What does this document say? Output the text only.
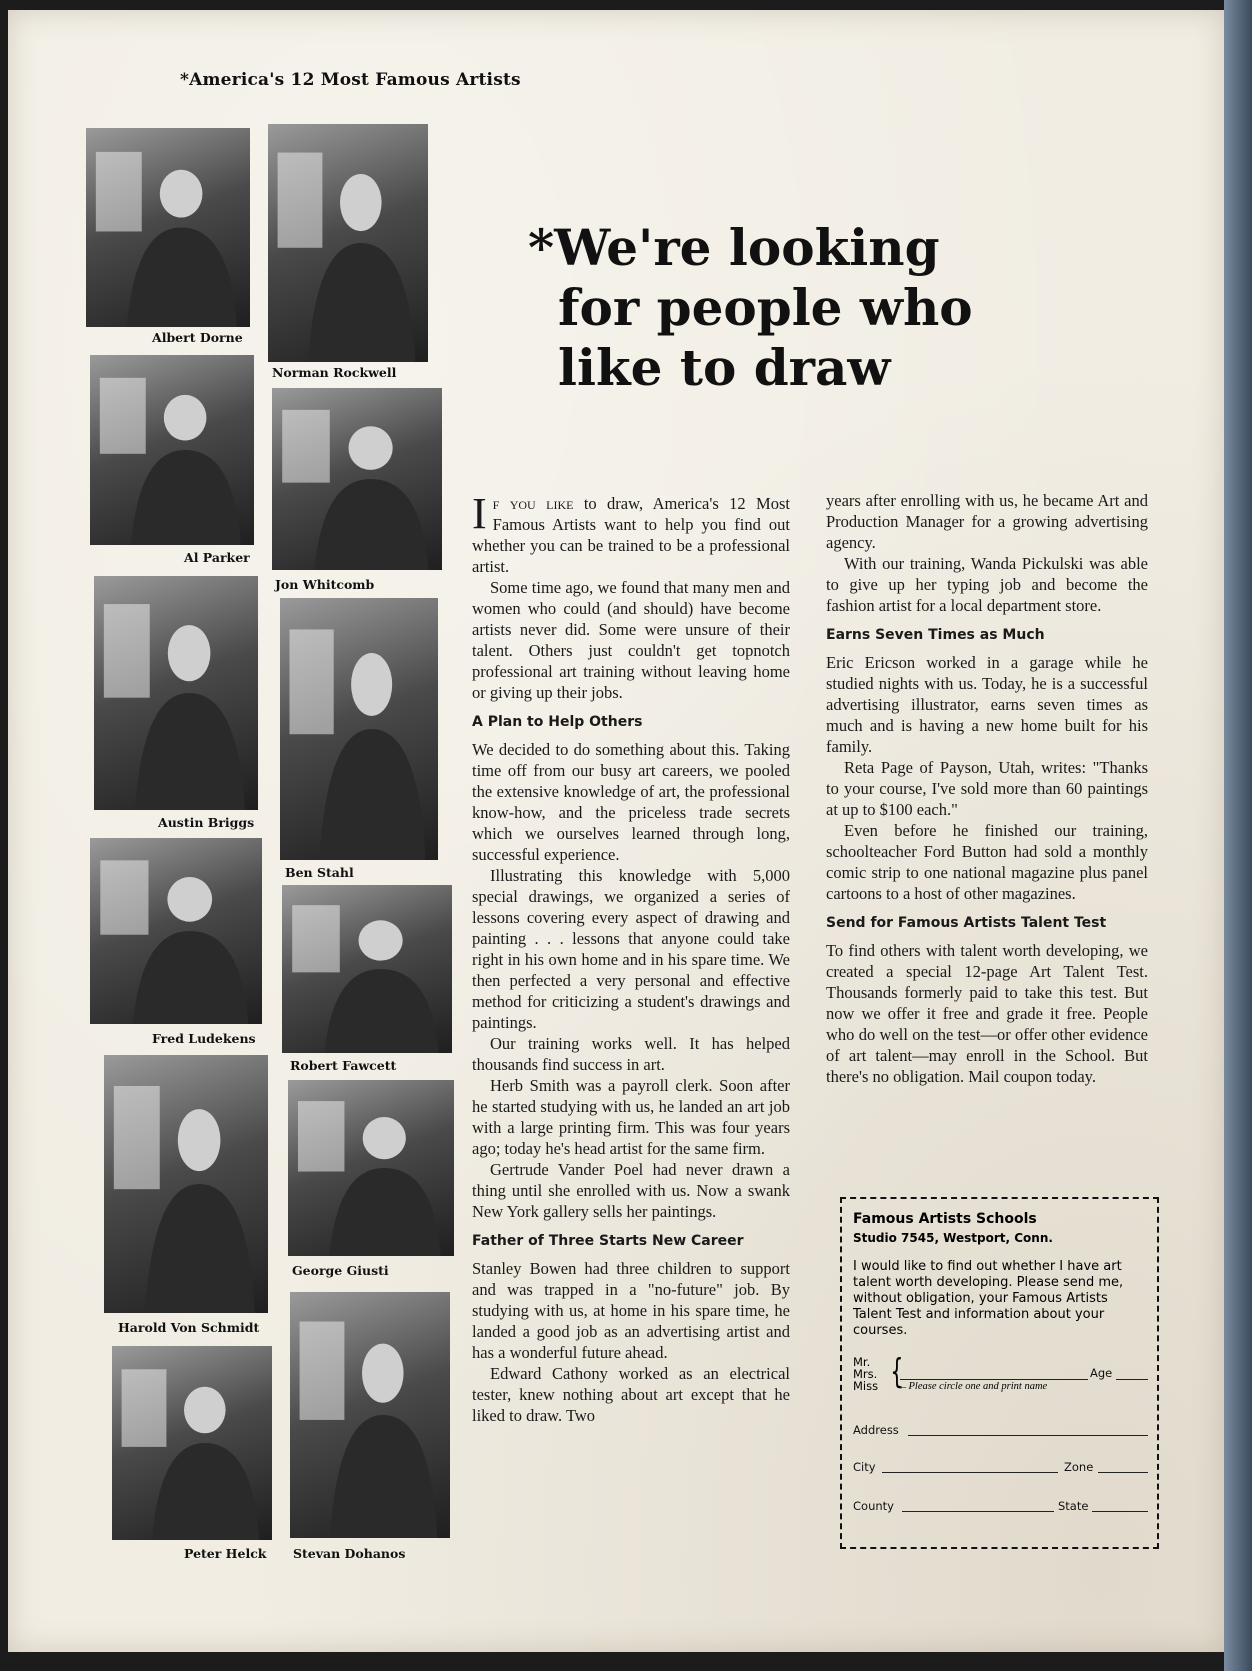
*America's 12 Most Famous Artists
Albert Dorne
Norman Rockwell
Al Parker
Jon Whitcomb
Austin Briggs
Ben Stahl
Fred Ludekens
Robert Fawcett
Harold Von Schmidt
George Giusti
Peter Helck Stevan Dohanos
*We're looking
for people who
like to draw

If you like to draw, America's 12 Most Famous Artists want to help you find out whether you can be trained to be a professional artist.

Some time ago, we found that many men and women who could (and should) have become artists never did. Some were unsure of their talent. Others just couldn't get topnotch professional art training without leaving home or giving up their jobs.

A Plan to Help Others

We decided to do something about this. Taking time off from our busy art careers, we pooled the extensive knowledge of art, the professional know-how, and the priceless trade secrets which we ourselves learned through long, successful experience.

Illustrating this knowledge with 5,000 special drawings, we organized a series of lessons covering every aspect of drawing and painting . . . lessons that anyone could take right in his own home and in his spare time. We then perfected a very personal and effective method for criticizing a student's drawings and paintings.

Our training works well. It has helped thousands find success in art.

Herb Smith was a payroll clerk. Soon after he started studying with us, he landed an art job with a large printing firm. This was four years ago; today he's head artist for the same firm.

Gertrude Vander Poel had never drawn a thing until she enrolled with us. Now a swank New York gallery sells her paintings.

Father of Three Starts New Career

Stanley Bowen had three children to support and was trapped in a "no-future" job. By studying with us, at home in his spare time, he landed a good job as an advertising artist and has a wonderful future ahead.

Edward Cathony worked as an electrical tester, knew nothing about art except that he liked to draw. Two

years after enrolling with us, he became Art and Production Manager for a growing advertising agency.

With our training, Wanda Pickulski was able to give up her typing job and become the fashion artist for a local department store.

Earns Seven Times as Much

Eric Ericson worked in a garage while he studied nights with us. Today, he is a successful advertising illustrator, earns seven times as much and is having a new home built for his family.

Reta Page of Payson, Utah, writes: "Thanks to your course, I've sold more than 60 paintings at up to $100 each."

Even before he finished our training, schoolteacher Ford Button had sold a monthly comic strip to one national magazine plus panel cartoons to a host of other magazines.

Send for Famous Artists Talent Test

To find others with talent worth developing, we created a special 12-page Art Talent Test. Thousands formerly paid to take this test. But now we offer it free and grade it free. People who do well on the test—or offer other evidence of art talent—may enroll in the School. But there's no obligation. Mail coupon today.

Famous Artists Schools
Studio 7545, Westport, Conn.
I would like to find out whether I have art talent worth developing. Please send me, without obligation, your Famous Artists Talent Test and information about your courses.
Mr.
Mrs.
Miss {
←Please circle one and print name
Age
Address
City	Zone
County	State
